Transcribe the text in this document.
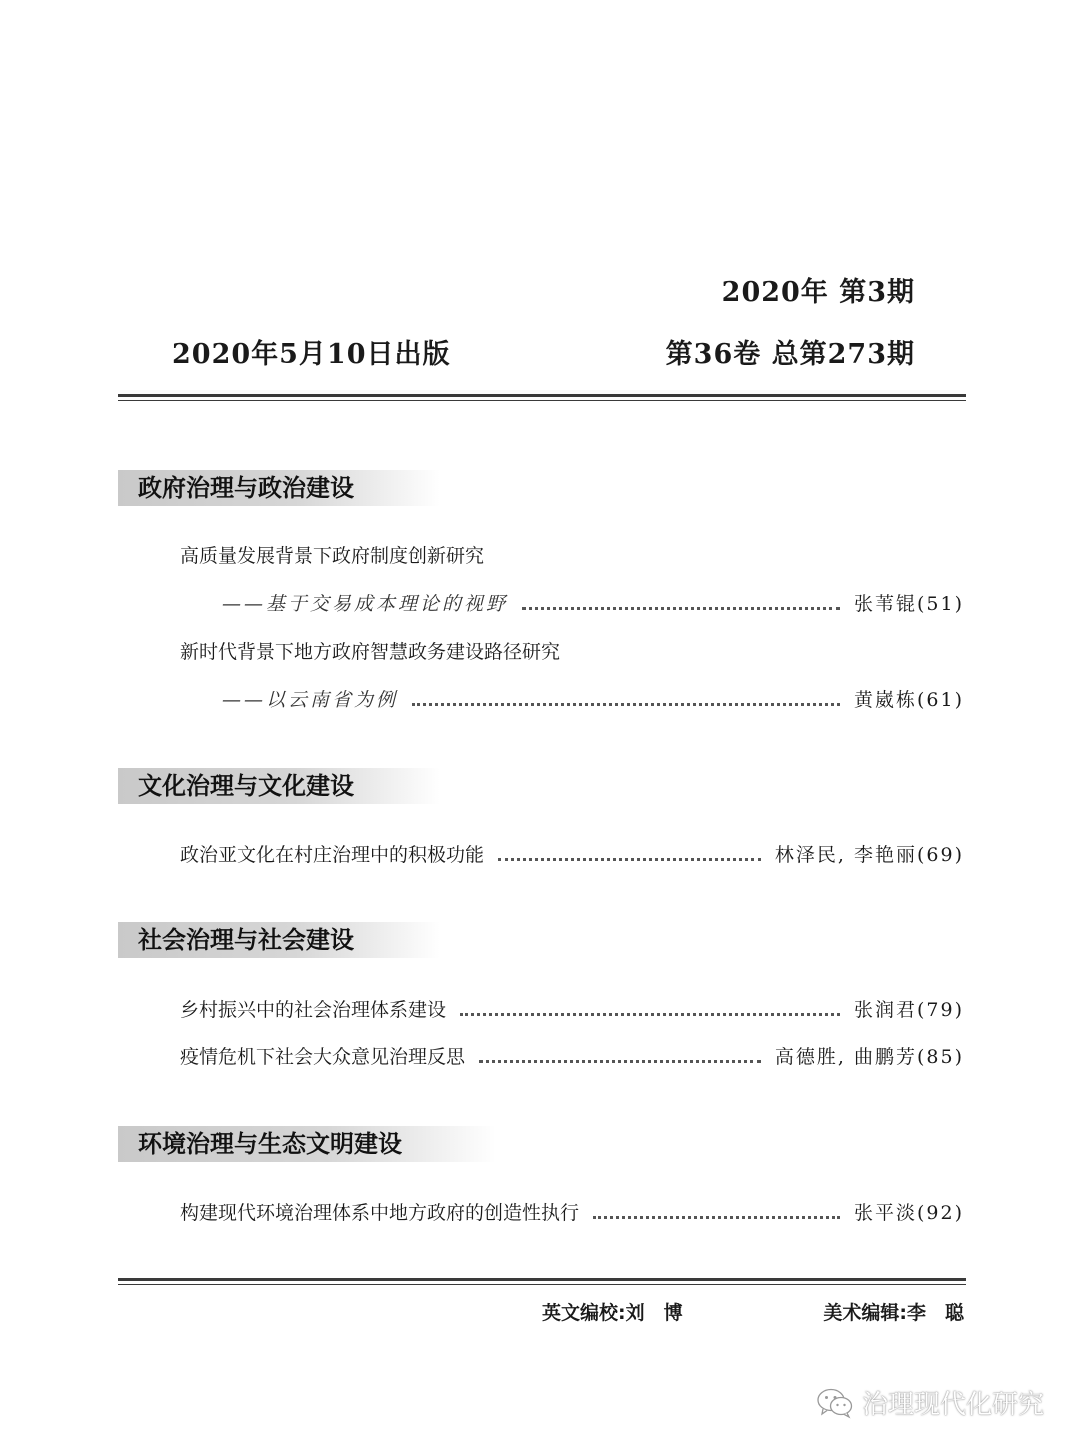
2020年 第3期
2020年5月10日出版	第36卷 总第273期
政府治理与政治建设
高质量发展背景下政府制度创新研究
——基于交易成本理论的视野	张苇锟(51)
新时代背景下地方政府智慧政务建设路径研究
——以云南省为例	黄崴栋(61)
文化治理与文化建设
政治亚文化在村庄治理中的积极功能	林泽民, 李艳丽(69)
社会治理与社会建设
乡村振兴中的社会治理体系建设	张润君(79)
疫情危机下社会大众意见治理反思	高德胜, 曲鹏芳(85)
环境治理与生态文明建设
构建现代环境治理体系中地方政府的创造性执行	张平淡(92)
英文编校:刘　博	美术编辑:李　聪
治理现代化研究
